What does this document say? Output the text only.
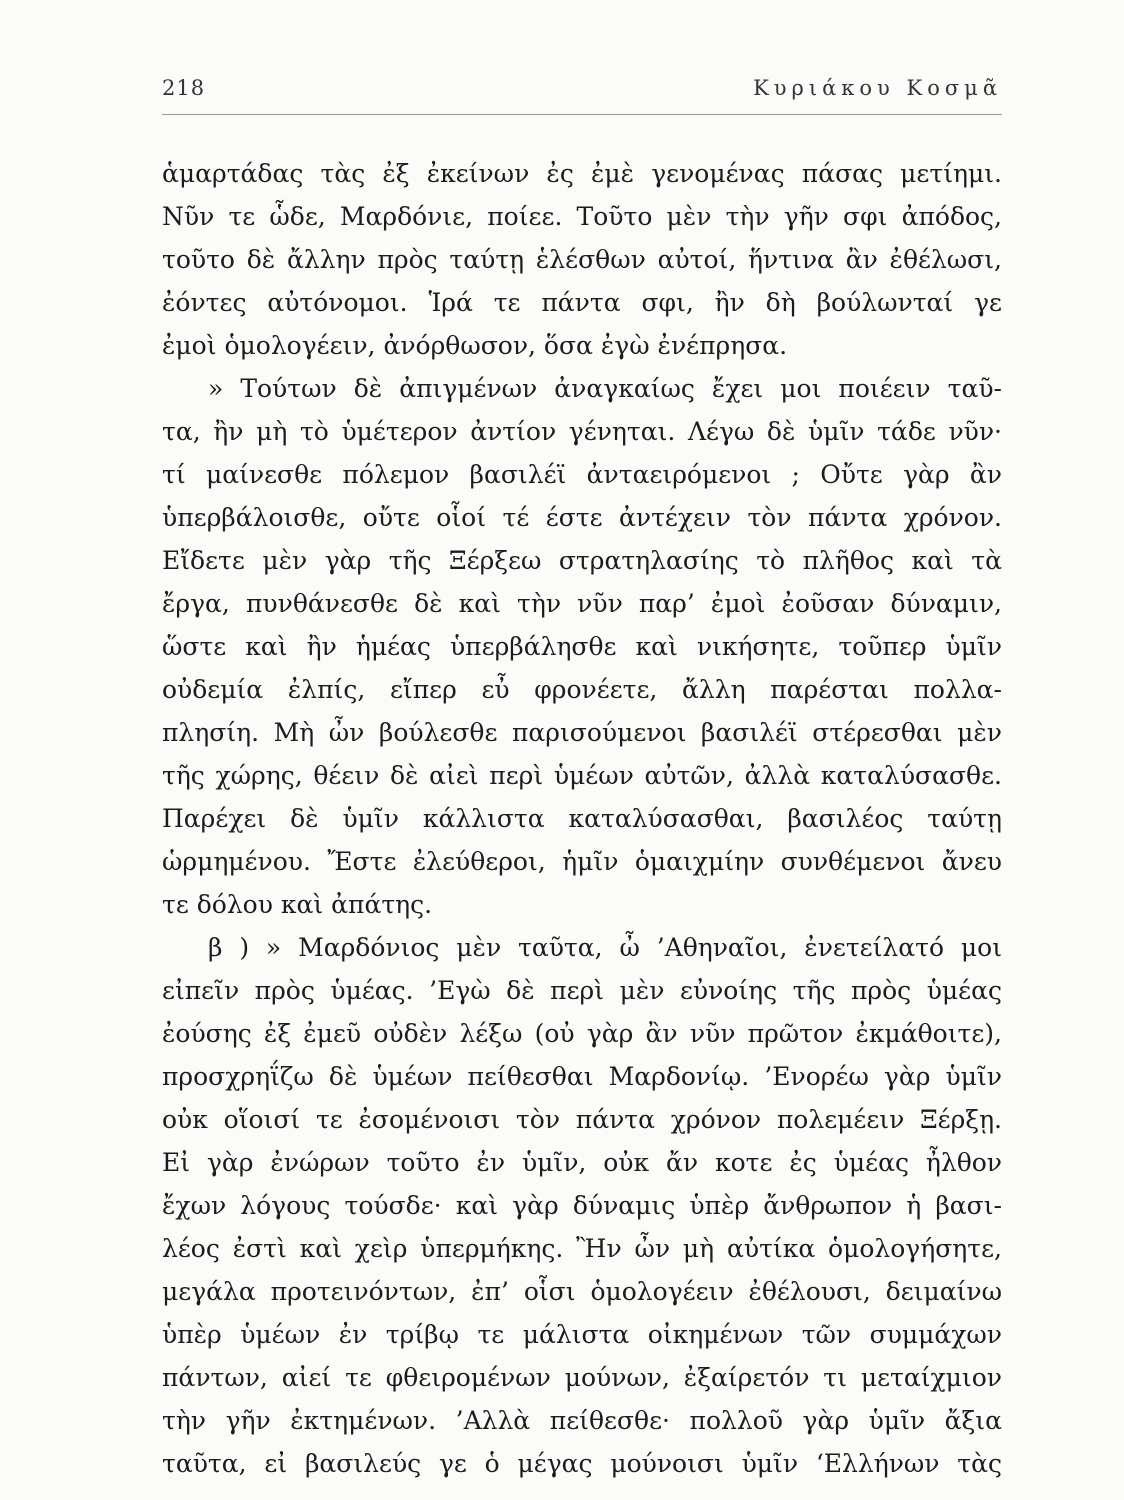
218	Κυριάκου Κοσμᾶ
ἁμαρτάδας τὰς ἐξ ἐκείνων ἐς ἐμὲ γενομένας πάσας μετίημι.
Νῦν τε ὧδε, Μαρδόνιε, ποίεε. Τοῦτο μὲν τὴν γῆν σφι ἀπόδος,
τοῦτο δὲ ἄλλην πρὸς ταύτῃ ἑλέσθων αὐτοί, ἥντινα ἂν ἐθέλωσι,
ἐόντες αὐτόνομοι. Ἱρά τε πάντα σφι, ἢν δὴ βούλωνταί γε
ἐμοὶ ὁμολογέειν, ἀνόρθωσον, ὅσα ἐγὼ ἐνέπρησα.
» Τούτων δὲ ἀπιγμένων ἀναγκαίως ἔχει μοι ποιέειν ταῦ-
τα, ἢν μὴ τὸ ὑμέτερον ἀντίον γένηται. Λέγω δὲ ὑμῖν τάδε νῦν·
τί μαίνεσθε πόλεμον βασιλέϊ ἀνταειρόμενοι ; Οὔτε γὰρ ἂν
ὑπερβάλοισθε, οὔτε οἷοί τέ έστε ἀντέχειν τὸν πάντα χρόνον.
Εἴδετε μὲν γὰρ τῆς Ξέρξεω στρατηλασίης τὸ πλῆθος καὶ τὰ
ἔργα, πυνθάνεσθε δὲ καὶ τὴν νῦν παρ’ ἐμοὶ ἐοῦσαν δύναμιν,
ὥστε καὶ ἢν ἡμέας ὑπερβάλησθε καὶ νικήσητε, τοῦπερ ὑμῖν
οὐδεμία ἐλπίς, εἴπερ εὖ φρονέετε, ἄλλη παρέσται πολλα-
πλησίη. Μὴ ὦν βούλεσθε παρισούμενοι βασιλέϊ στέρεσθαι μὲν
τῆς χώρης, θέειν δὲ αἰεὶ περὶ ὑμέων αὐτῶν, ἀλλὰ καταλύσασθε.
Παρέχει δὲ ὑμῖν κάλλιστα καταλύσασθαι, βασιλέος ταύτῃ
ὡρμημένου. Ἔστε ἐλεύθεροι, ἡμῖν ὁμαιχμίην συνθέμενοι ἄνευ
τε δόλου καὶ ἀπάτης.
β ) » Μαρδόνιος μὲν ταῦτα, ὦ ’Αθηναῖοι, ἐνετείλατό μοι
εἰπεῖν πρὸς ὑμέας. ’Εγὼ δὲ περὶ μὲν εὐνοίης τῆς πρὸς ὑμέας
ἐούσης ἐξ ἐμεῦ οὐδὲν λέξω (οὐ γὰρ ἂν νῦν πρῶτον ἐκμάθοιτε),
προσχρηΐζω δὲ ὑμέων πείθεσθαι Μαρδονίῳ. ’Ενορέω γὰρ ὑμῖν
οὐκ οἵοισί τε ἐσομένοισι τὸν πάντα χρόνον πολεμέειν Ξέρξῃ.
Εἰ γὰρ ἐνώρων τοῦτο ἐν ὑμῖν, οὐκ ἄν κοτε ἐς ὑμέας ἦλθον
ἔχων λόγους τούσδε· καὶ γὰρ δύναμις ὑπὲρ ἄνθρωπον ἡ βασι-
λέος ἐστὶ καὶ χεὶρ ὑπερμήκης. Ἢν ὦν μὴ αὐτίκα ὁμολογήσητε,
μεγάλα προτεινόντων, ἐπ’ οἷσι ὁμολογέειν ἐθέλουσι, δειμαίνω
ὑπὲρ ὑμέων ἐν τρίβῳ τε μάλιστα οἰκημένων τῶν συμμάχων
πάντων, αἰεί τε φθειρομένων μούνων, ἐξαίρετόν τι μεταίχμιον
τὴν γῆν ἐκτημένων. ’Αλλὰ πείθεσθε· πολλοῦ γὰρ ὑμῖν ἄξια
ταῦτα, εἰ βασιλεύς γε ὁ μέγας μούνοισι ὑμῖν ‘Ελλήνων τὰς
